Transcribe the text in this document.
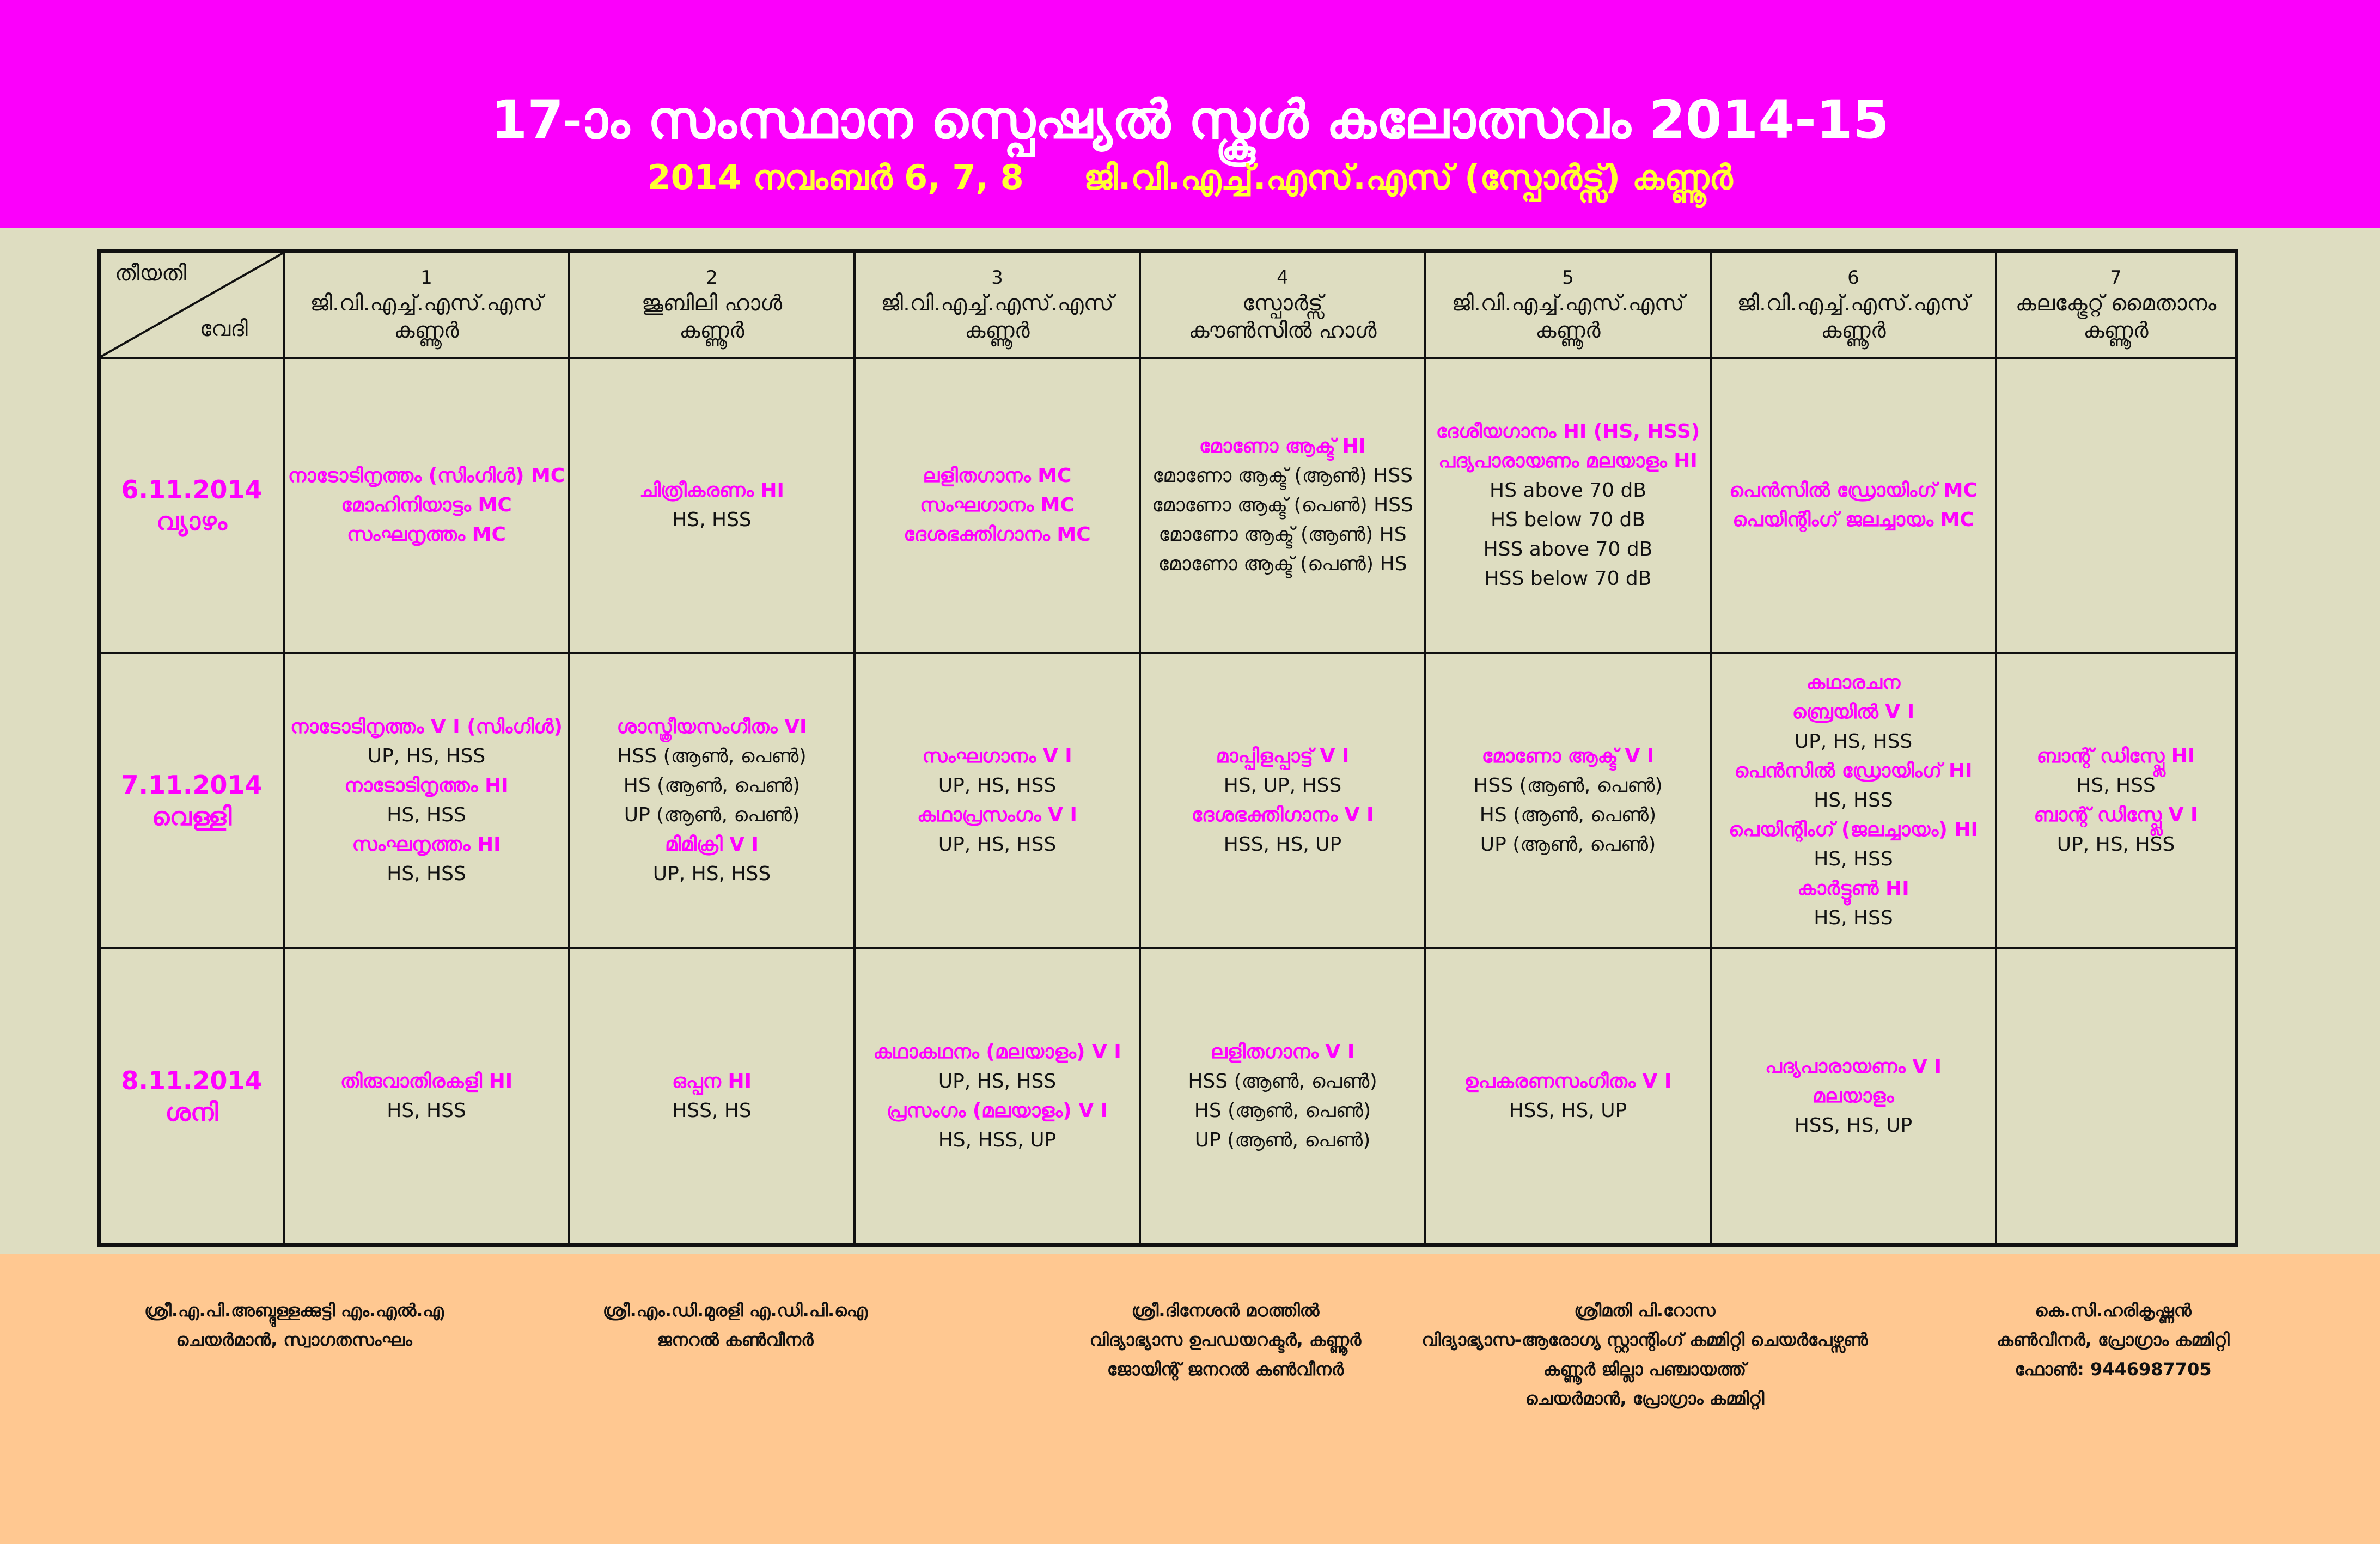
17-ാം സംസ്ഥാന സ്പെഷ്യൽ സ്കൂൾ കലോത്സവം 2014-15
2014 നവംബർ 6, 7, 8 ജി.വി.എച്ച്.എസ്.എസ് (സ്പോർട്സ്) കണ്ണൂർ
തീയതി
വേദി
1
ജി.വി.എച്ച്.എസ്.എസ്
കണ്ണൂർ
2
ജൂബിലി ഹാൾ
കണ്ണൂർ
3
ജി.വി.എച്ച്.എസ്.എസ്
കണ്ണൂർ
4
സ്പോർട്സ്
കൗൺസിൽ ഹാൾ
5
ജി.വി.എച്ച്.എസ്.എസ്
കണ്ണൂർ
6
ജി.വി.എച്ച്.എസ്.എസ്
കണ്ണൂർ
7
കലക്ട്രേറ്റ് മൈതാനം
കണ്ണൂർ
6.11.2014
വ്യാഴം
നാടോടിനൃത്തം (സിംഗിൾ) MC
മോഹിനിയാട്ടം MC
സംഘനൃത്തം MC
ചിത്രീകരണം HI
HS, HSS
ലളിതഗാനം MC
സംഘഗാനം MC
ദേശഭക്തിഗാനം MC
മോണോ ആക്ട് HI
മോണോ ആക്ട് (ആൺ) HSS
മോണോ ആക്ട് (പെൺ) HSS
മോണോ ആക്ട് (ആൺ) HS
മോണോ ആക്ട് (പെൺ) HS
ദേശീയഗാനം HI (HS, HSS)
പദ്യപാരായണം മലയാളം HI
HS above 70 dB
HS below 70 dB
HSS above 70 dB
HSS below 70 dB
പെൻസിൽ ഡ്രോയിംഗ് MC
പെയിന്റിംഗ് ജലച്ചായം MC
7.11.2014
വെള്ളി
നാടോടിനൃത്തം V I (സിംഗിൾ)
UP, HS, HSS
നാടോടിനൃത്തം HI
HS, HSS
സംഘനൃത്തം HI
HS, HSS
ശാസ്ത്രീയസംഗീതം VI
HSS (ആൺ, പെൺ)
HS (ആൺ, പെൺ)
UP (ആൺ, പെൺ)
മിമിക്രി V I
UP, HS, HSS
സംഘഗാനം V I
UP, HS, HSS
കഥാപ്രസംഗം V I
UP, HS, HSS
മാപ്പിളപ്പാട്ട് V I
HS, UP, HSS
ദേശഭക്തിഗാനം V I
HSS, HS, UP
മോണോ ആക്ട് V I
HSS (ആൺ, പെൺ)
HS (ആൺ, പെൺ)
UP (ആൺ, പെൺ)
കഥാരചന
ബ്രെയിൽ V I
UP, HS, HSS
പെൻസിൽ ഡ്രോയിംഗ് HI
HS, HSS
പെയിന്റിംഗ് (ജലച്ചായം) HI
HS, HSS
കാർട്ടൂൺ HI
HS, HSS
ബാന്റ് ഡിസ്പ്ലേ HI
HS, HSS
ബാന്റ് ഡിസ്പ്ലേ V I
UP, HS, HSS
8.11.2014
ശനി
തിരുവാതിരകളി HI
HS, HSS
ഒപ്പന HI
HSS, HS
കഥാകഥനം (മലയാളം) V I
UP, HS, HSS
പ്രസംഗം (മലയാളം) V I
HS, HSS, UP
ലളിതഗാനം V I
HSS (ആൺ, പെൺ)
HS (ആൺ, പെൺ)
UP (ആൺ, പെൺ)
ഉപകരണസംഗീതം V I
HSS, HS, UP
പദ്യപാരായണം V I
മലയാളം
HSS, HS, UP
ശ്രീ.എ.പി.അബ്ദുള്ളക്കുട്ടി എം.എൽ.എ
ചെയർമാൻ, സ്വാഗതസംഘം
ശ്രീ.എം.ഡി.മുരളി എ.ഡി.പി.ഐ
ജനറൽ കൺവീനർ
ശ്രീ.ദിനേശൻ മഠത്തിൽ
വിദ്യാഭ്യാസ ഉപഡയറക്ടർ, കണ്ണൂർ
ജോയിന്റ് ജനറൽ കൺവീനർ
ശ്രീമതി പി.റോസ
വിദ്യാഭ്യാസ-ആരോഗ്യ സ്റ്റാന്റിംഗ് കമ്മിറ്റി ചെയർപേഴ്സൺ
കണ്ണൂർ ജില്ലാ പഞ്ചായത്ത്
ചെയർമാൻ, പ്രോഗ്രാം കമ്മിറ്റി
കെ.സി.ഹരികൃഷ്ണൻ
കൺവീനർ, പ്രോഗ്രാം കമ്മിറ്റി
ഫോൺ: 9446987705
